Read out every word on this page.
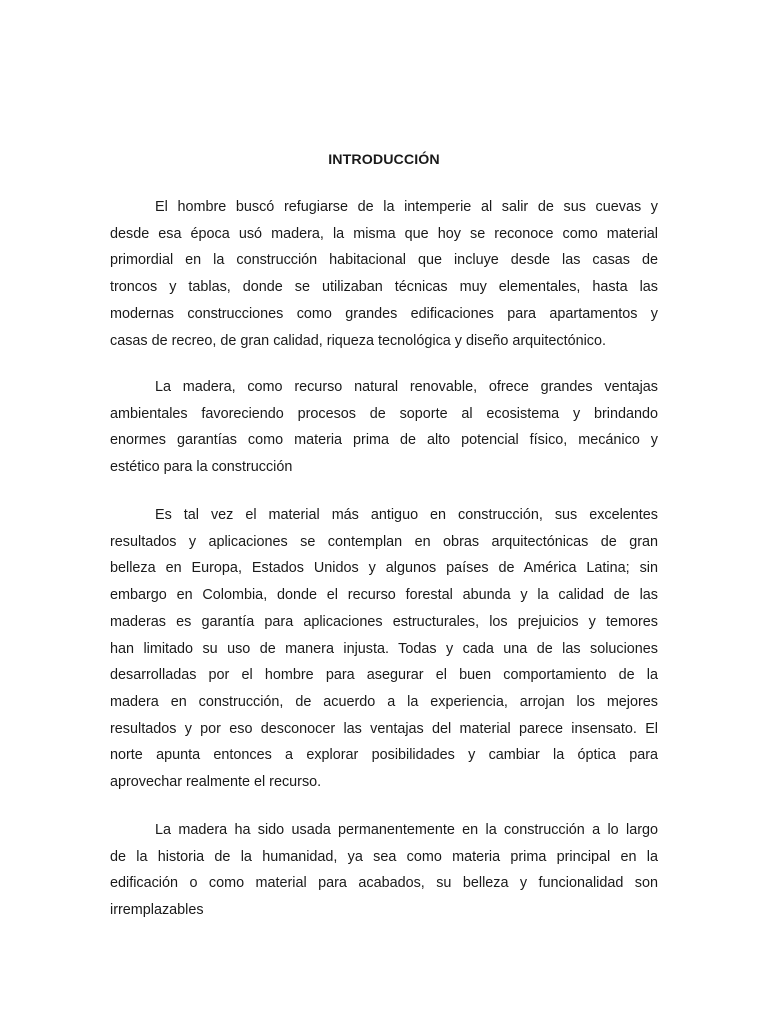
INTRODUCCIÓN
El hombre buscó refugiarse de la intemperie al salir de sus cuevas y
desde esa época usó madera, la misma que hoy se reconoce como material
primordial en la construcción habitacional que incluye desde las casas de
troncos y tablas, donde se utilizaban técnicas muy elementales, hasta las
modernas construcciones como grandes edificaciones para apartamentos y
casas de recreo, de gran calidad, riqueza tecnológica y diseño arquitectónico.
La madera, como recurso natural renovable, ofrece grandes ventajas
ambientales favoreciendo procesos de soporte al ecosistema y brindando
enormes garantías como materia prima de alto potencial físico, mecánico y
estético para la construcción
Es tal vez el material más antiguo en construcción, sus excelentes
resultados y aplicaciones se contemplan en obras arquitectónicas de gran
belleza en Europa, Estados Unidos y algunos países de América Latina; sin
embargo en Colombia, donde el recurso forestal abunda y la calidad de las
maderas es garantía para aplicaciones estructurales, los prejuicios y temores
han limitado su uso de manera injusta. Todas y cada una de las soluciones
desarrolladas por el hombre para asegurar el buen comportamiento de la
madera en construcción, de acuerdo a la experiencia, arrojan los mejores
resultados y por eso desconocer las ventajas del material parece insensato. El
norte apunta entonces a explorar posibilidades y cambiar la óptica para
aprovechar realmente el recurso.
La madera ha sido usada permanentemente en la construcción a lo largo
de la historia de la humanidad, ya sea como materia prima principal en la
edificación o como material para acabados, su belleza y funcionalidad son
irremplazables
